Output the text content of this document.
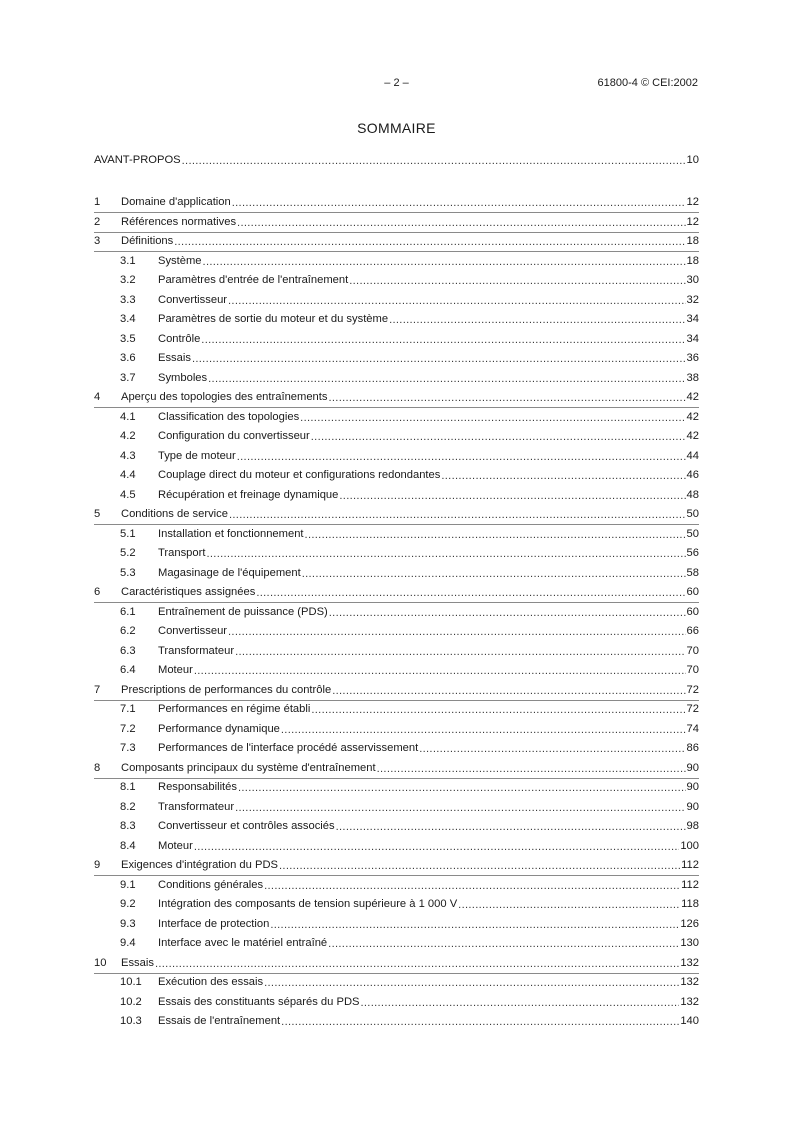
– 2 –	61800-4 © CEI:2002
SOMMAIRE
AVANT-PROPOS .....	10
1	Domaine d'application .....	12
2	Références normatives .....	12
3	Définitions .....	18
3.1	Système .....	18
3.2	Paramètres d'entrée de l'entraînement .....	30
3.3	Convertisseur .....	32
3.4	Paramètres de sortie du moteur et du système .....	34
3.5	Contrôle .....	34
3.6	Essais .....	36
3.7	Symboles .....	38
4	Aperçu des topologies des entraînements .....	42
4.1	Classification des topologies .....	42
4.2	Configuration du convertisseur .....	42
4.3	Type de moteur .....	44
4.4	Couplage direct du moteur et configurations redondantes .....	46
4.5	Récupération et freinage dynamique .....	48
5	Conditions de service .....	50
5.1	Installation et fonctionnement .....	50
5.2	Transport .....	56
5.3	Magasinage de l'équipement .....	58
6	Caractéristiques assignées .....	60
6.1	Entraînement de puissance (PDS) .....	60
6.2	Convertisseur .....	66
6.3	Transformateur .....	70
6.4	Moteur .....	70
7	Prescriptions de performances du contrôle .....	72
7.1	Performances en régime établi .....	72
7.2	Performance dynamique .....	74
7.3	Performances de l'interface procédé asservissement .....	86
8	Composants principaux du système d'entraînement .....	90
8.1	Responsabilités .....	90
8.2	Transformateur .....	90
8.3	Convertisseur et contrôles associés .....	98
8.4	Moteur .....	100
9	Exigences d'intégration du PDS .....	112
9.1	Conditions générales .....	112
9.2	Intégration des composants de tension supérieure à 1 000 V .....	118
9.3	Interface de protection .....	126
9.4	Interface avec le matériel entraîné .....	130
10	Essais .....	132
10.1	Exécution des essais .....	132
10.2	Essais des constituants séparés du PDS .....	132
10.3	Essais de l'entraînement .....	140
